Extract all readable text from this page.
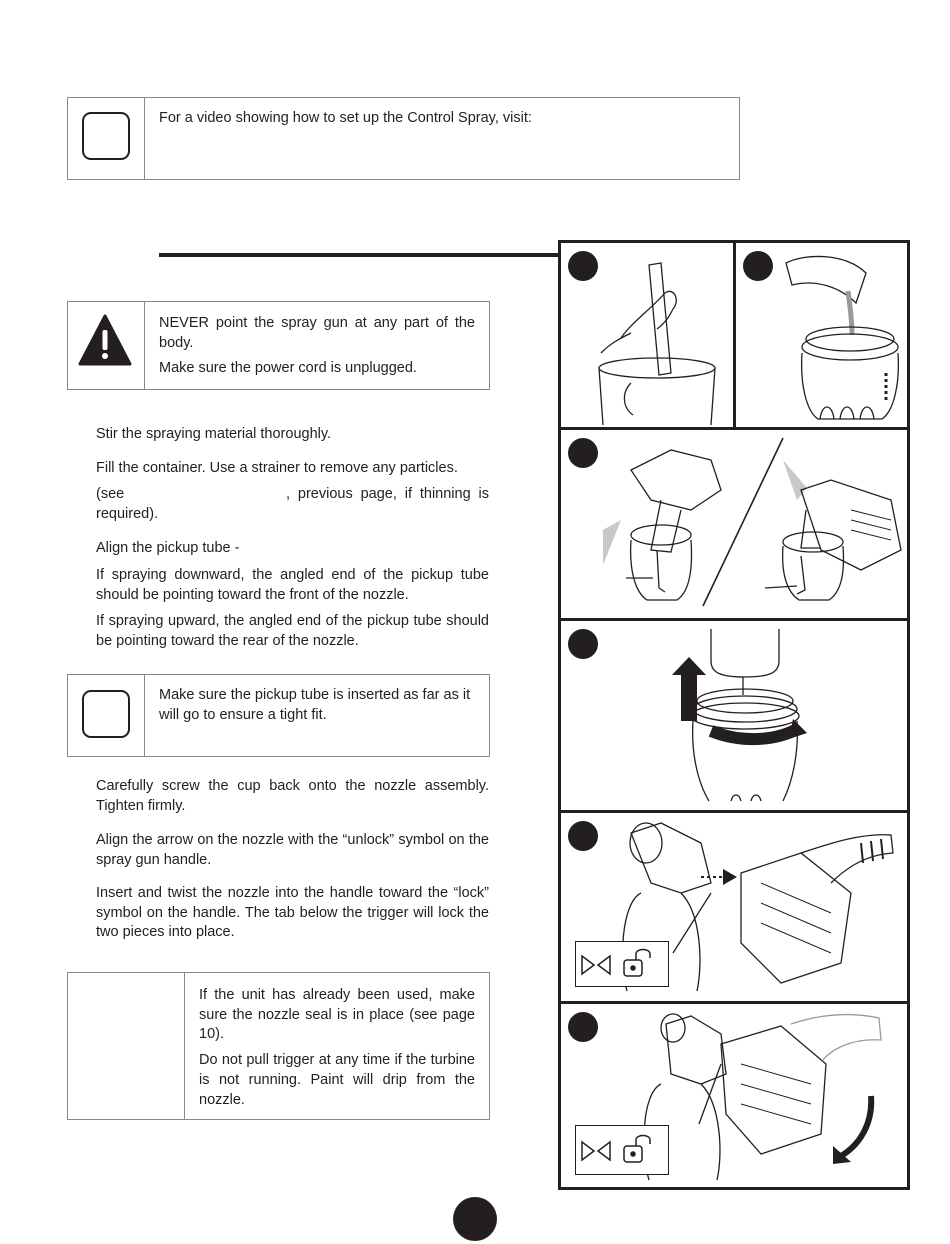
For a video showing how to set up the Control Spray, visit:

NEVER point the spray gun at any part of the body.

Make sure the power cord is unplugged.

Stir the spraying material thoroughly.
Fill the container. Use a strainer to remove any particles.
(see	, previous page, if thinning is required).
Align the pickup tube -
If spraying downward, the angled end of the pickup tube should be pointing toward the front of the nozzle.
If spraying upward, the angled end of the pickup tube should be pointing toward the rear of the nozzle.
Make sure the pickup tube is inserted as far as it will go to ensure a tight fit.
Carefully screw the cup back onto the nozzle assembly. Tighten firmly.
Align the arrow on the nozzle with the “unlock” symbol on the spray gun handle.
Insert and twist the nozzle into the handle toward the “lock” symbol on the handle. The tab below the trigger will lock the two pieces into place.

If the unit has already been used, make sure the nozzle seal is in place (see page 10).

Do not pull trigger at any time if the turbine is not running. Paint will drip from the nozzle.
